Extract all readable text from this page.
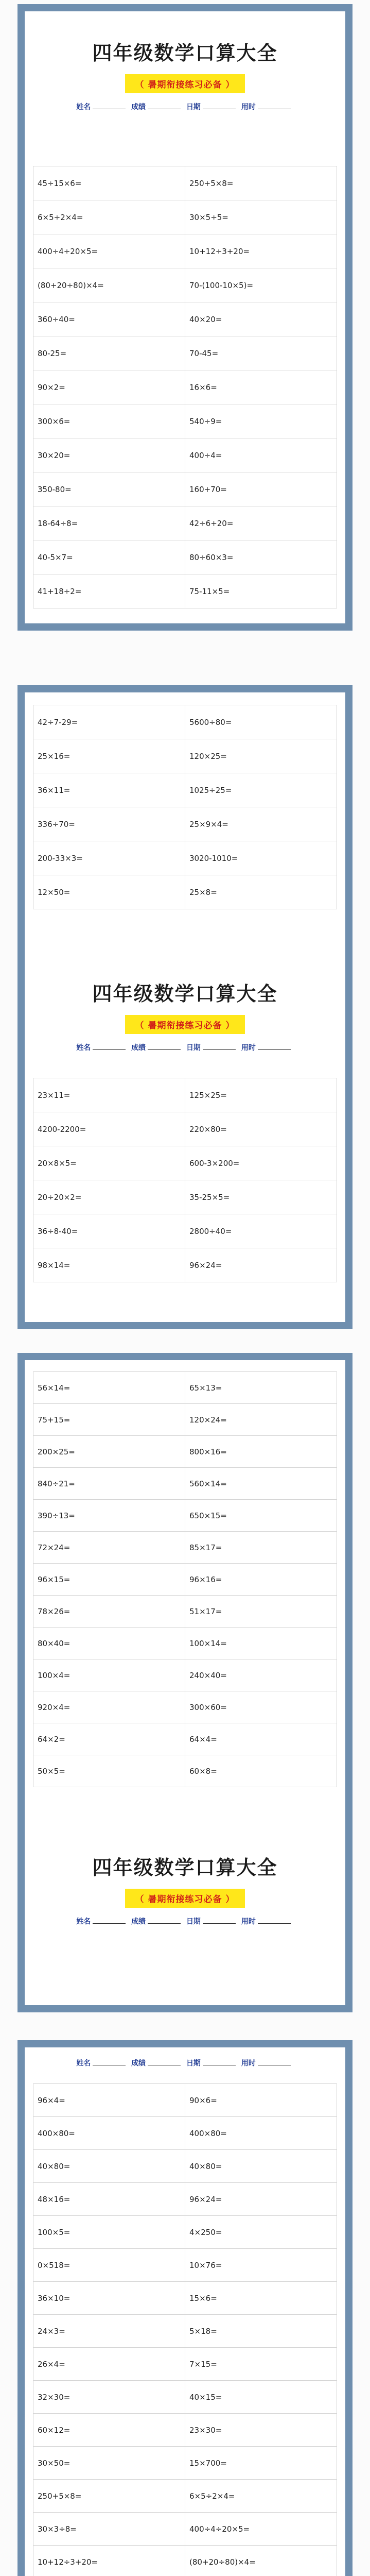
四年级数学口算大全
（ 暑期衔接练习必备 ）
姓名	成绩	日期	用时
45÷15×6=	250+5×8=
6×5÷2×4=	30×5÷5=
400÷4÷20×5=	10+12÷3+20=
(80+20÷80)×4=	70-(100-10×5)=
360÷40=	40×20=
80-25=	70-45=
90×2=	16×6=
300×6=	540÷9=
30×20=	400÷4=
350-80=	160+70=
18-64÷8=	42÷6+20=
40-5×7=	80÷60×3=
41+18÷2=	75-11×5=
42÷7-29=	5600÷80=
25×16=	120×25=
36×11=	1025÷25=
336÷70=	25×9×4=
200-33×3=	3020-1010=
12×50=	25×8=
四年级数学口算大全
（ 暑期衔接练习必备 ）
姓名	成绩	日期	用时
23×11=	125×25=
4200-2200=	220×80=
20×8×5=	600-3×200=
20÷20×2=	35-25×5=
36÷8-40=	2800÷40=
98×14=	96×24=
56×14=	65×13=
75+15=	120×24=
200×25=	800×16=
840÷21=	560×14=
390÷13=	650×15=
72×24=	85×17=
96×15=	96×16=
78×26=	51×17=
80×40=	100×14=
100×4=	240×40=
920×4=	300×60=
64×2=	64×4=
50×5=	60×8=
四年级数学口算大全
（ 暑期衔接练习必备 ）
姓名	成绩	日期	用时
姓名	成绩	日期	用时
96×4=	90×6=
400×80=	400×80=
40×80=	40×80=
48×16=	96×24=
100×5=	4×250=
0×518=	10×76=
36×10=	15×6=
24×3=	5×18=
26×4=	7×15=
32×30=	40×15=
60×12=	23×30=
30×50=	15×700=
250+5×8=	6×5÷2×4=
30×3÷8=	400÷4÷20×5=
10+12÷3+20=	(80+20÷80)×4=
